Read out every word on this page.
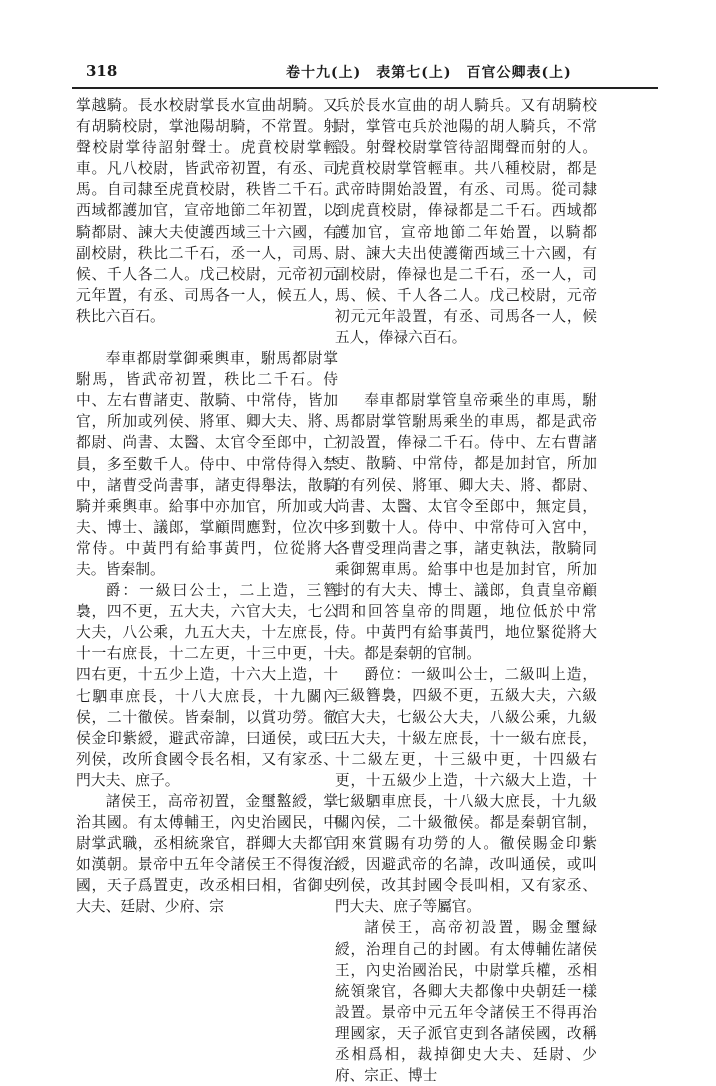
318	卷十九(上)　表第七(上)　百官公卿表(上)

掌越騎。長水校尉掌長水宣曲胡騎。又有胡騎校尉，掌池陽胡騎，不常置。射聲校尉掌待詔射聲士。虎賁校尉掌輕車。凡八校尉，皆武帝初置，有丞、司馬。自司隸至虎賁校尉，秩皆二千石。西域都護加官，宣帝地節二年初置，以騎都尉、諫大夫使護西域三十六國，有副校尉，秩比二千石，丞一人，司馬、候、千人各二人。戊己校尉，元帝初元元年置，有丞、司馬各一人，候五人，秩比六百石。

奉車都尉掌御乘輿車，駙馬都尉掌駙馬，皆武帝初置，秩比二千石。侍中、左右曹諸吏、散騎、中常侍，皆加官，所加或列侯、將軍、卿大夫、將、都尉、尚書、太醫、太官令至郎中，亡員，多至數千人。侍中、中常侍得入禁中，諸曹受尚書事，諸吏得舉法，散騎騎并乘輿車。給事中亦加官，所加或大夫、博士、議郎，掌顧問應對，位次中常侍。中黃門有給事黃門，位從將大夫。皆秦制。

爵：一級曰公士，二上造，三簪裊，四不更，五大夫，六官大夫，七公大夫，八公乘，九五大夫，十左庶長，十一右庶長，十二左更，十三中更，十四右更，十五少上造，十六大上造，十七駟車庶長，十八大庶長，十九關內侯，二十徹侯。皆秦制，以賞功勞。徹侯金印紫綬，避武帝諱，曰通侯，或曰列侯，改所食國令長名相，又有家丞、門大夫、庶子。

諸侯王，高帝初置，金璽盭綬，掌治其國。有太傅輔王，內史治國民，中尉掌武職，丞相統衆官，群卿大夫都官如漢朝。景帝中五年令諸侯王不得復治國，天子爲置吏，改丞相曰相，省御史大夫、廷尉、少府、宗

兵於長水宣曲的胡人騎兵。又有胡騎校尉，掌管屯兵於池陽的胡人騎兵，不常設。射聲校尉掌管待詔聞聲而射的人。虎賁校尉掌管輕車。共八種校尉，都是武帝時開始設置，有丞、司馬。從司隸到虎賁校尉，俸禄都是二千石。西域都護加官，宣帝地節二年始置，以騎都尉、諫大夫出使護衛西域三十六國，有副校尉，俸禄也是二千石，丞一人，司馬、候、千人各二人。戊己校尉，元帝初元元年設置，有丞、司馬各一人，候五人，俸禄六百石。

奉車都尉掌管皇帝乘坐的車馬，駙馬都尉掌管駙馬乘坐的車馬，都是武帝初設置，俸禄二千石。侍中、左右曹諸吏、散騎、中常侍，都是加封官，所加的有列侯、將軍、卿大夫、將、都尉、尚書、太醫、太官令至郎中，無定員，多到數十人。侍中、中常侍可入宮中，各曹受理尚書之事，諸吏執法，散騎同乘御駕車馬。給事中也是加封官，所加封的有大夫、博士、議郎，負責皇帝顧問和回答皇帝的問題，地位低於中常侍。中黃門有給事黃門，地位緊從將大夫。都是秦朝的官制。

爵位：一級叫公士，二級叫上造，三級簪裊，四級不更，五級大夫，六級官大夫，七級公大夫，八級公乘，九級五大夫，十級左庶長，十一級右庶長，十二級左更，十三級中更，十四級右更，十五級少上造，十六級大上造，十七級駟車庶長，十八級大庶長，十九級關內侯，二十級徹侯。都是秦朝官制，用來賞賜有功勞的人。徹侯賜金印紫綬，因避武帝的名諱，改叫通侯，或叫列侯，改其封國令長叫相，又有家丞、門大夫、庶子等屬官。

諸侯王，高帝初設置，賜金璽緑綬，治理自己的封國。有太傅輔佐諸侯王，內史治國治民，中尉掌兵權，丞相統領衆官，各卿大夫都像中央朝廷一樣設置。景帝中元五年令諸侯王不得再治理國家，天子派官吏到各諸侯國，改稱丞相爲相，裁掉御史大夫、廷尉、少府、宗正、博士
